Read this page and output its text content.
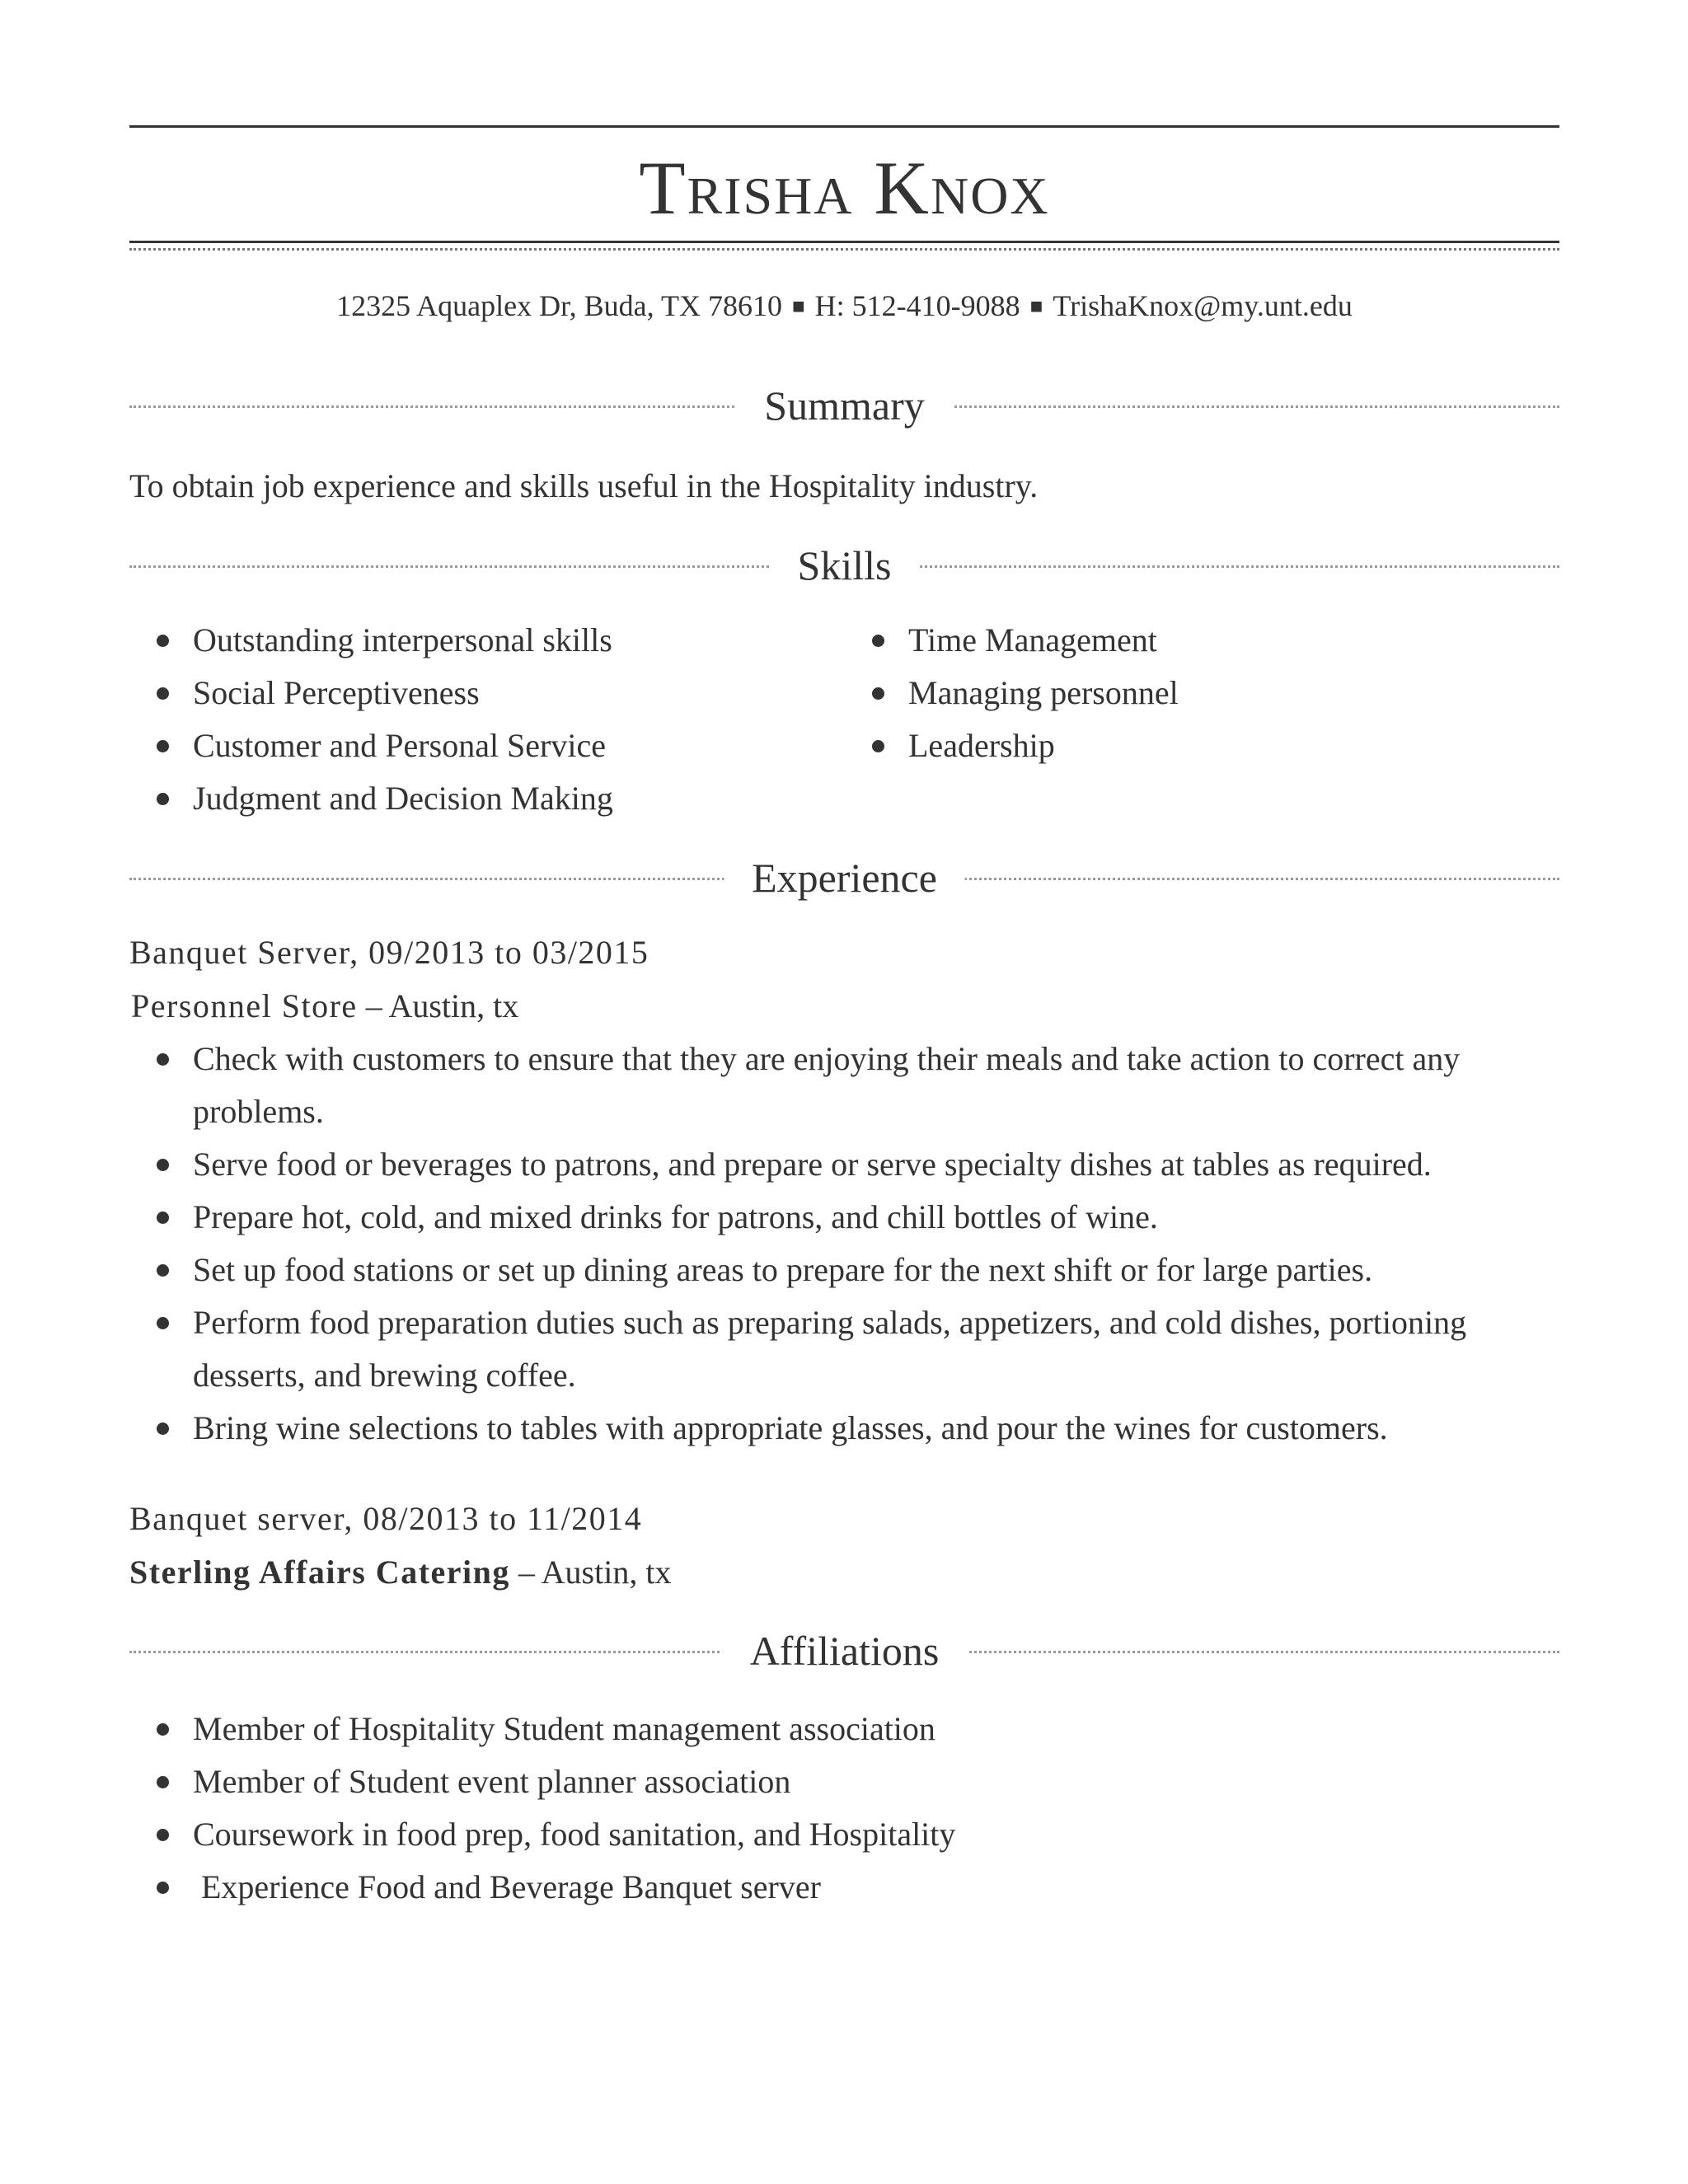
Trisha Knox
12325 Aquaplex Dr, Buda, TX 78610 ■ H: 512-410-9088 ■ TrishaKnox@my.unt.edu
Summary
To obtain job experience and skills useful in the Hospitality industry.
Skills
Outstanding interpersonal skills
Social Perceptiveness
Customer and Personal Service
Judgment and Decision Making
Time Management
Managing personnel
Leadership
Experience
Banquet Server, 09/2013 to 03/2015
Personnel Store – Austin, tx
Check with customers to ensure that they are enjoying their meals and take action to correct any problems.
Serve food or beverages to patrons, and prepare or serve specialty dishes at tables as required.
Prepare hot, cold, and mixed drinks for patrons, and chill bottles of wine.
Set up food stations or set up dining areas to prepare for the next shift or for large parties.
Perform food preparation duties such as preparing salads, appetizers, and cold dishes, portioning desserts, and brewing coffee.
Bring wine selections to tables with appropriate glasses, and pour the wines for customers.
Banquet server, 08/2013 to 11/2014
Sterling Affairs Catering – Austin, tx
Affiliations
Member of Hospitality Student management association
Member of Student event planner association
Coursework in food prep, food sanitation, and Hospitality
Experience Food and Beverage Banquet server
